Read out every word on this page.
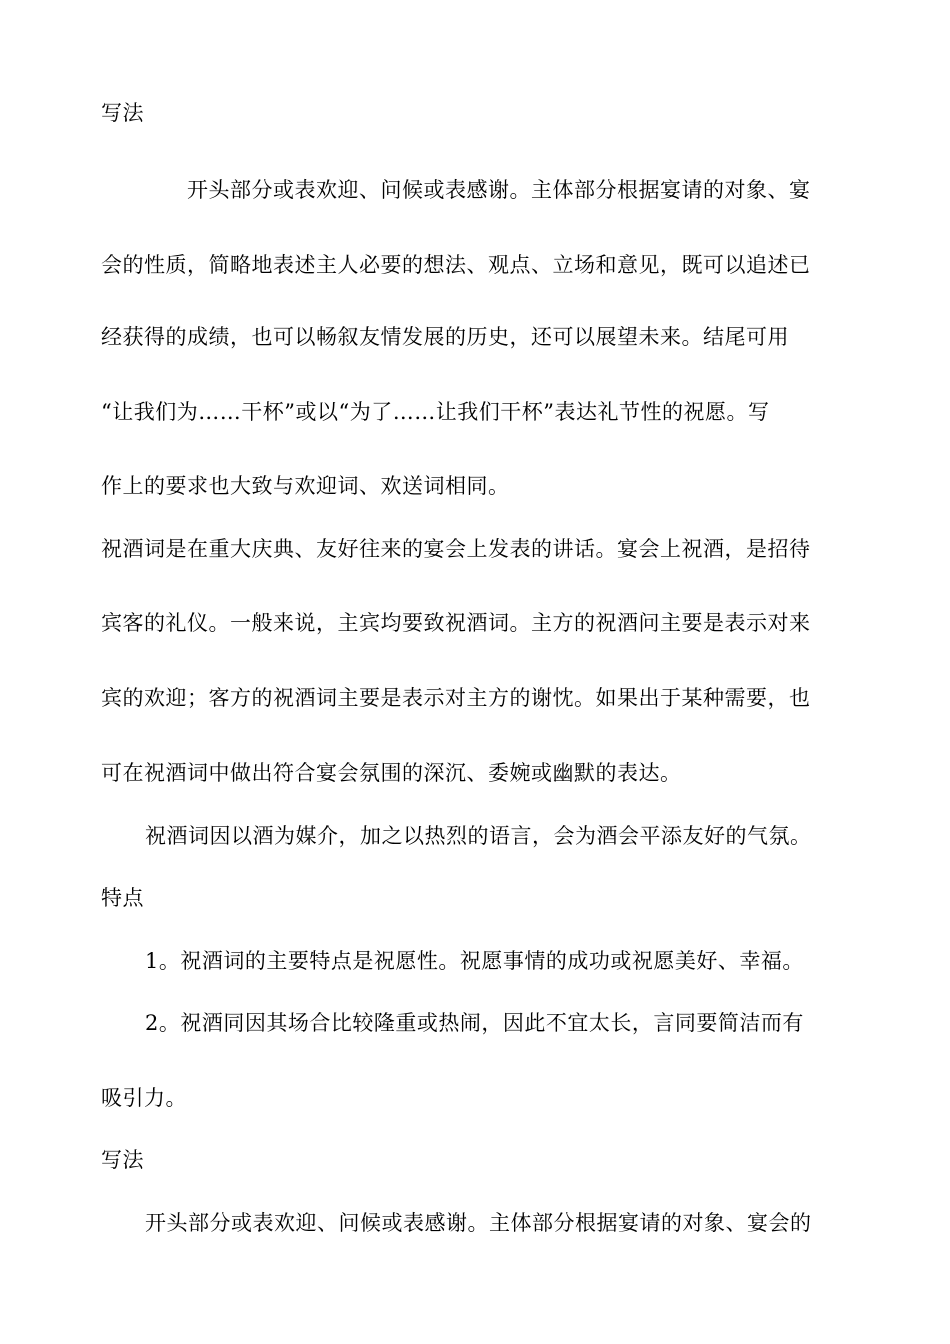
写法
开头部分或表欢迎、问候或表感谢。主体部分根据宴请的对象、宴
会的性质，简略地表述主人必要的想法、观点、立场和意见，既可以追述已
经获得的成绩，也可以畅叙友情发展的历史，还可以展望未来。结尾可用
“让我们为……干杯”或以“为了……让我们干杯”表达礼节性的祝愿。写
作上的要求也大致与欢迎词、欢送词相同。
祝酒词是在重大庆典、友好往来的宴会上发表的讲话。宴会上祝酒，是招待
宾客的礼仪。一般来说，主宾均要致祝酒词。主方的祝酒问主要是表示对来
宾的欢迎；客方的祝酒词主要是表示对主方的谢忱。如果出于某种需要，也
可在祝酒词中做出符合宴会氛围的深沉、委婉或幽默的表达。
祝酒词因以酒为媒介，加之以热烈的语言，会为酒会平添友好的气氛。
特点
1。祝酒词的主要特点是祝愿性。祝愿事情的成功或祝愿美好、幸福。
2。祝酒同因其场合比较隆重或热闹，因此不宜太长，言同要简洁而有
吸引力。
写法
开头部分或表欢迎、问候或表感谢。主体部分根据宴请的对象、宴会的
